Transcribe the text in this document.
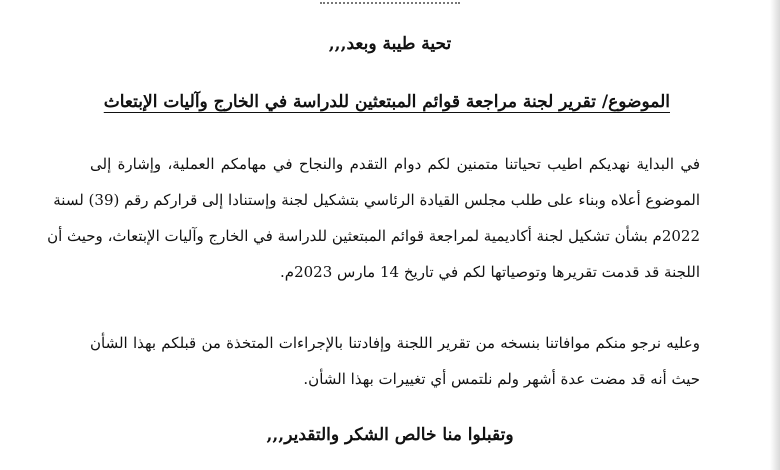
تحية طيبة وبعد,,,
الموضوع/ تقرير لجنة مراجعة قوائم المبتعثين للدراسة في الخارج وآليات الإبتعاث
في البداية نهديكم اطيب تحياتنا متمنين لكم دوام التقدم والنجاح في مهامكم العملية، وإشارة إلى
الموضوع أعلاه وبناء على طلب مجلس القيادة الرئاسي بتشكيل لجنة وإستنادا إلى قراركم رقم (39) لسنة
2022م بشأن تشكيل لجنة أكاديمية لمراجعة قوائم المبتعثين للدراسة في الخارج وآليات الإبتعاث، وحيث أن
اللجنة قد قدمت تقريرها وتوصياتها لكم في تاريخ 14 مارس 2023م.
وعليه نرجو منكم موافاتنا بنسخه من تقرير اللجنة وإفادتنا بالإجراءات المتخذة من قبلكم بهذا الشأن
حيث أنه قد مضت عدة أشهر ولم نلتمس أي تغييرات بهذا الشأن.
وتقبلوا منا خالص الشكر والتقدير,,,
